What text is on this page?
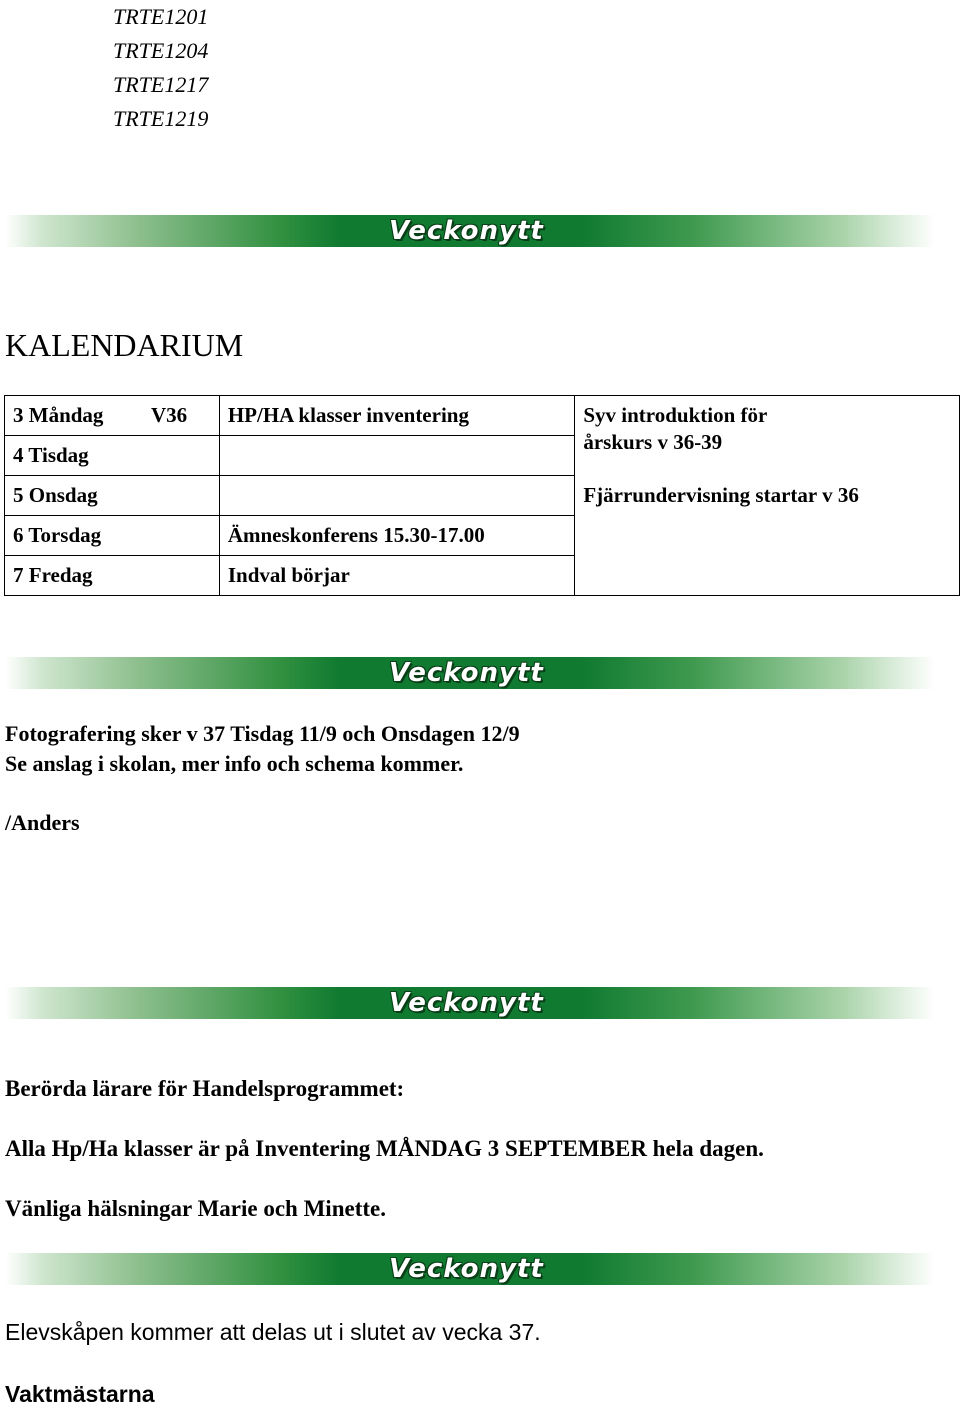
TRTE1201
TRTE1204
TRTE1217
TRTE1219
Veckonytt
KALENDARIUM
3 Måndag V36	HP/HA klasser inventering	Syv introduktion för årskurs v 36-39
Fjärrundervisning startar v 36

4 Tisdag		
5 Onsdag		
6 Torsdag	Ämneskonferens 15.30-17.00	
7 Fredag	Indval börjar	
Veckonytt
Fotografering sker v 37 Tisdag 11/9 och Onsdagen 12/9
Se anslag i skolan, mer info och schema kommer.
/Anders
Veckonytt
Berörda lärare för Handelsprogrammet:
Alla Hp/Ha klasser är på Inventering MÅNDAG 3 SEPTEMBER hela dagen.
Vänliga hälsningar Marie och Minette.
Veckonytt
Elevskåpen kommer att delas ut i slutet av vecka 37.
Vaktmästarna
